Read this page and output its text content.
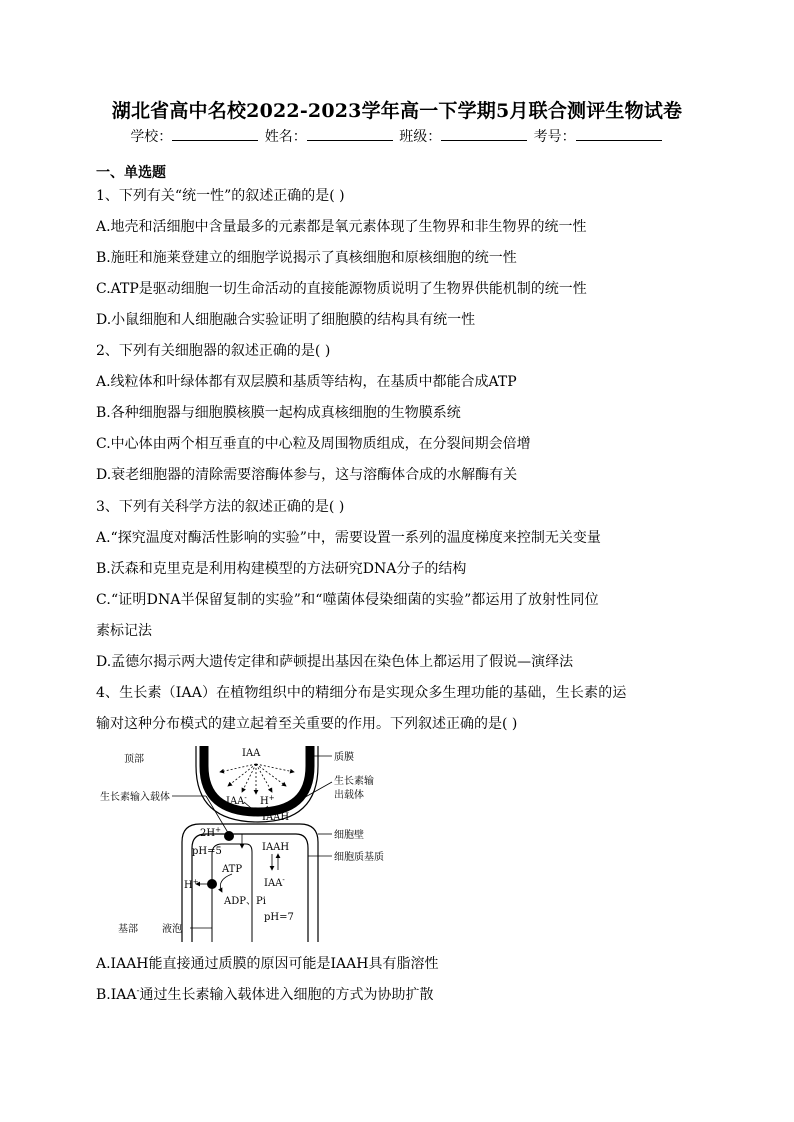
湖北省高中名校2022-2023学年高一下学期5月联合测评生物试卷
学校：	姓名：	班级：	考号：
一、单选题
1、下列有关“统一性”的叙述正确的是( )
A.地壳和活细胞中含量最多的元素都是氧元素体现了生物界和非生物界的统一性
B.施旺和施莱登建立的细胞学说揭示了真核细胞和原核细胞的统一性
C.ATP是驱动细胞一切生命活动的直接能源物质说明了生物界供能机制的统一性
D.小鼠细胞和人细胞融合实验证明了细胞膜的结构具有统一性
2、下列有关细胞器的叙述正确的是( )
A.线粒体和叶绿体都有双层膜和基质等结构，在基质中都能合成ATP
B.各种细胞器与细胞膜核膜一起构成真核细胞的生物膜系统
C.中心体由两个相互垂直的中心粒及周围物质组成，在分裂间期会倍增
D.衰老细胞器的清除需要溶酶体参与，这与溶酶体合成的水解酶有关
3、下列有关科学方法的叙述正确的是( )
A.“探究温度对酶活性影响的实验”中，需要设置一系列的温度梯度来控制无关变量
B.沃森和克里克是利用构建模型的方法研究DNA分子的结构
C.“证明DNA半保留复制的实验”和“噬菌体侵染细菌的实验”都运用了放射性同位
素标记法
D.孟德尔揭示两大遗传定律和萨顿提出基因在染色体上都运用了假说—演绎法
4、生长素（IAA）在植物组织中的精细分布是实现众多生理功能的基础，生长素的运
输对这种分布模式的建立起着至关重要的作用。下列叙述正确的是( )
顶部
基部
IAA	质膜
生长素输
出载体
生长素输入载体	IAA- H+
IAAH
细胞壁
细胞质基质
液泡
2H+
pH=5	IAAH
ATP
IAA-
H+
ADP、Pi
pH=7
A.IAAH能直接通过质膜的原因可能是IAAH具有脂溶性
B.IAA-通过生长素输入载体进入细胞的方式为协助扩散
